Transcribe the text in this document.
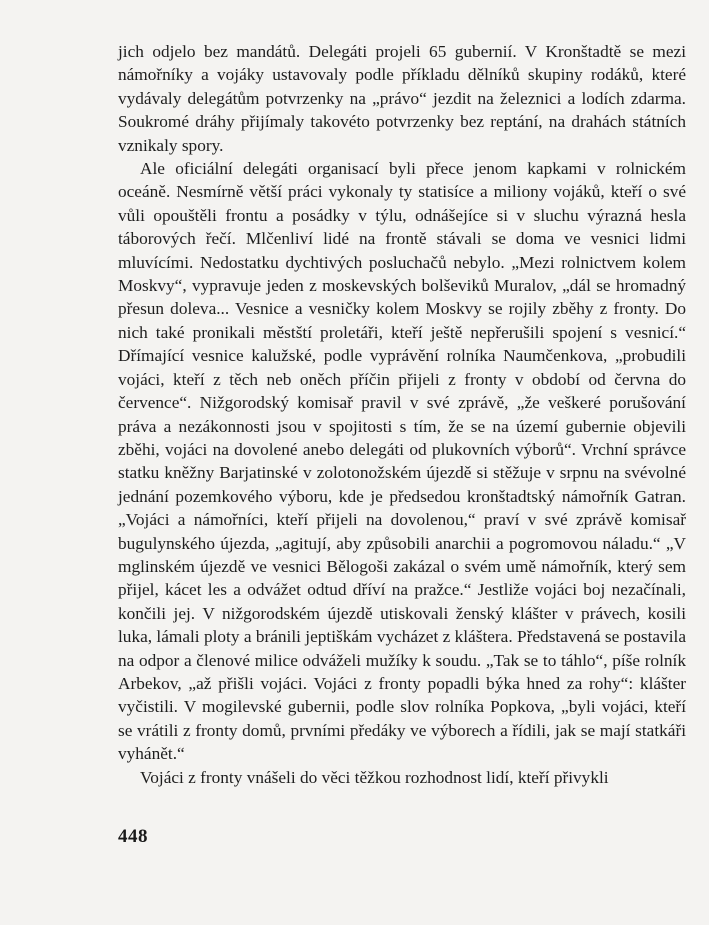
jich odjelo bez mandátů. Delegáti projeli 65 gubernií. V Kronštadtě se mezi námořníky a vojáky ustavovaly podle příkladu dělníků skupiny rodáků, které vydávaly delegátům potvrzenky na „právo“ jezdit na železnici a lodích zdarma. Soukromé dráhy přijímaly takovéto potvrzenky bez reptání, na drahách státních vznikaly spory.

Ale oficiální delegáti organisací byli přece jenom kapkami v rolnickém oceáně. Nesmírně větší práci vykonaly ty statisíce a miliony vojáků, kteří o své vůli opouštěli frontu a posádky v týlu, odnášejíce si v sluchu výrazná hesla táborových řečí. Mlčenliví lidé na frontě stávali se doma ve vesnici lidmi mluvícími. Nedostatku dychtivých posluchačů nebylo. „Mezi rolnictvem kolem Moskvy“, vypravuje jeden z moskevských bolševiků Muralov, „dál se hromadný přesun doleva... Vesnice a vesničky kolem Moskvy se rojily zběhy z fronty. Do nich také pronikali městští proletáři, kteří ještě nepřerušili spojení s vesnicí.“ Dřímající vesnice kalužské, podle vyprávění rolníka Naumčenkova, „probudili vojáci, kteří z těch neb oněch příčin přijeli z fronty v období od června do července“. Nižgorodský komisař pravil v své zprávě, „že veškeré porušování práva a nezákonnosti jsou v spojitosti s tím, že se na území gubernie objevili zběhi, vojáci na dovolené anebo delegáti od plukovních výborů“. Vrchní správce statku kněžny Barjatinské v zolotonožském újezdě si stěžuje v srpnu na svévolné jednání pozemkového výboru, kde je předsedou kronštadtský námořník Gatran. „Vojáci a námořníci, kteří přijeli na dovolenou,“ praví v své zprávě komisař bugulynského újezda, „agitují, aby způsobili anarchii a pogromovou náladu.“ „V mglinském újezdě ve vesnici Bělogoši zakázal o svém umě námořník, který sem přijel, kácet les a odvážet odtud dříví na pražce.“ Jestliže vojáci boj nezačínali, končili jej. V nižgorodském újezdě utiskovali ženský klášter v právech, kosili luka, lámali ploty a bránili jeptiškám vycházet z kláštera. Představená se postavila na odpor a členové milice odváželi mužíky k soudu. „Tak se to táhlo“, píše rolník Arbekov, „až přišli vojáci. Vojáci z fronty popadli býka hned za rohy“: klášter vyčistili. V mogilevské gubernii, podle slov rolníka Popkova, „byli vojáci, kteří se vrátili z fronty domů, prvními předáky ve výborech a řídili, jak se mají statkáři vyhánět.“

Vojáci z fronty vnášeli do věci těžkou rozhodnost lidí, kteří přivykli

448
